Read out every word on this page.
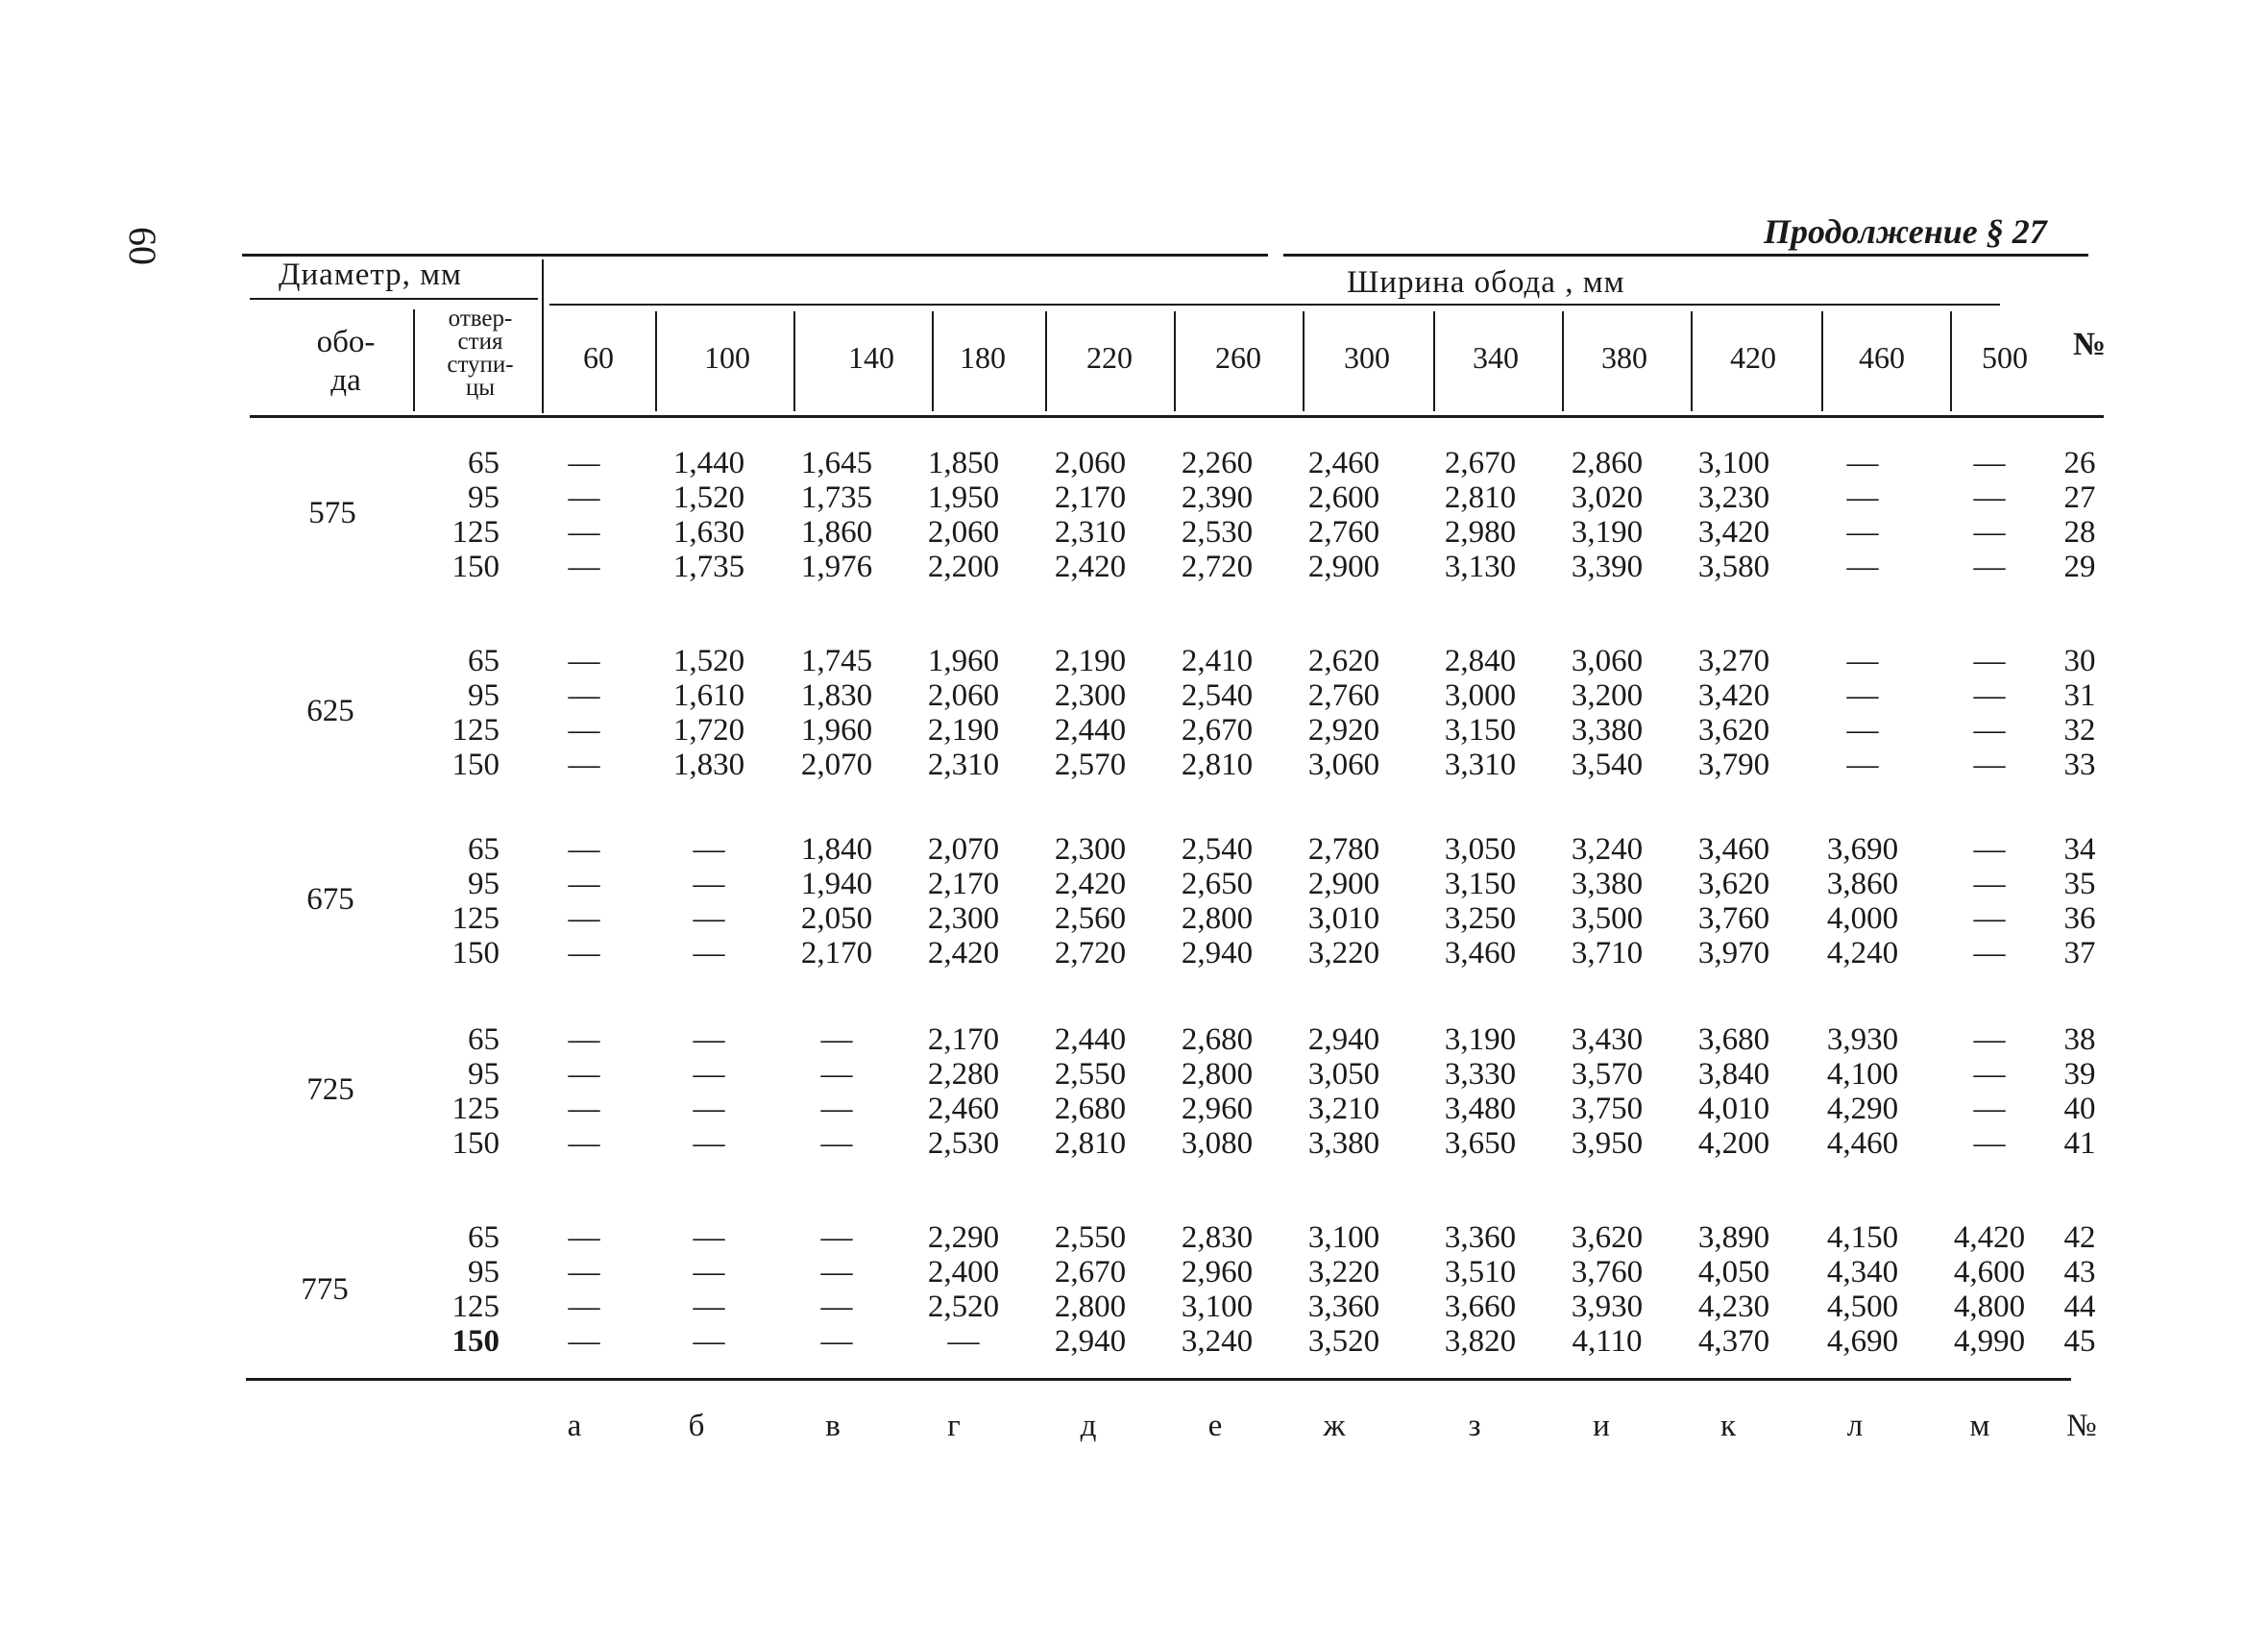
60	Продолжение § 27
Диаметр, мм
обо-
да
отвер-
стия
ступи-
цы
Ширина обода , мм
№
60	100	140	180	220	260	300	340	380	420	460	500
575
65	—	1,440	1,645	1,850	2,060	2,260	2,460	2,670	2,860	3,100	—	—	26
95	—	1,520	1,735	1,950	2,170	2,390	2,600	2,810	3,020	3,230	—	—	27
125	—	1,630	1,860	2,060	2,310	2,530	2,760	2,980	3,190	3,420	—	—	28
150	—	1,735	1,976	2,200	2,420	2,720	2,900	3,130	3,390	3,580	—	—	29
625
65	—	1,520	1,745	1,960	2,190	2,410	2,620	2,840	3,060	3,270	—	—	30
95	—	1,610	1,830	2,060	2,300	2,540	2,760	3,000	3,200	3,420	—	—	31
125	—	1,720	1,960	2,190	2,440	2,670	2,920	3,150	3,380	3,620	—	—	32
150	—	1,830	2,070	2,310	2,570	2,810	3,060	3,310	3,540	3,790	—	—	33
675
65	—	—	1,840	2,070	2,300	2,540	2,780	3,050	3,240	3,460	3,690	—	34
95	—	—	1,940	2,170	2,420	2,650	2,900	3,150	3,380	3,620	3,860	—	35
125	—	—	2,050	2,300	2,560	2,800	3,010	3,250	3,500	3,760	4,000	—	36
150	—	—	2,170	2,420	2,720	2,940	3,220	3,460	3,710	3,970	4,240	—	37
725
65	—	—	—	2,170	2,440	2,680	2,940	3,190	3,430	3,680	3,930	—	38
95	—	—	—	2,280	2,550	2,800	3,050	3,330	3,570	3,840	4,100	—	39
125	—	—	—	2,460	2,680	2,960	3,210	3,480	3,750	4,010	4,290	—	40
150	—	—	—	2,530	2,810	3,080	3,380	3,650	3,950	4,200	4,460	—	41
775
65	—	—	—	2,290	2,550	2,830	3,100	3,360	3,620	3,890	4,150	4,420	42
95	—	—	—	2,400	2,670	2,960	3,220	3,510	3,760	4,050	4,340	4,600	43
125	—	—	—	2,520	2,800	3,100	3,360	3,660	3,930	4,230	4,500	4,800	44
150	—	—	—	—	2,940	3,240	3,520	3,820	4,110	4,370	4,690	4,990	45
а	б	в	г	д	е	ж	з	и	к	л	м	№
